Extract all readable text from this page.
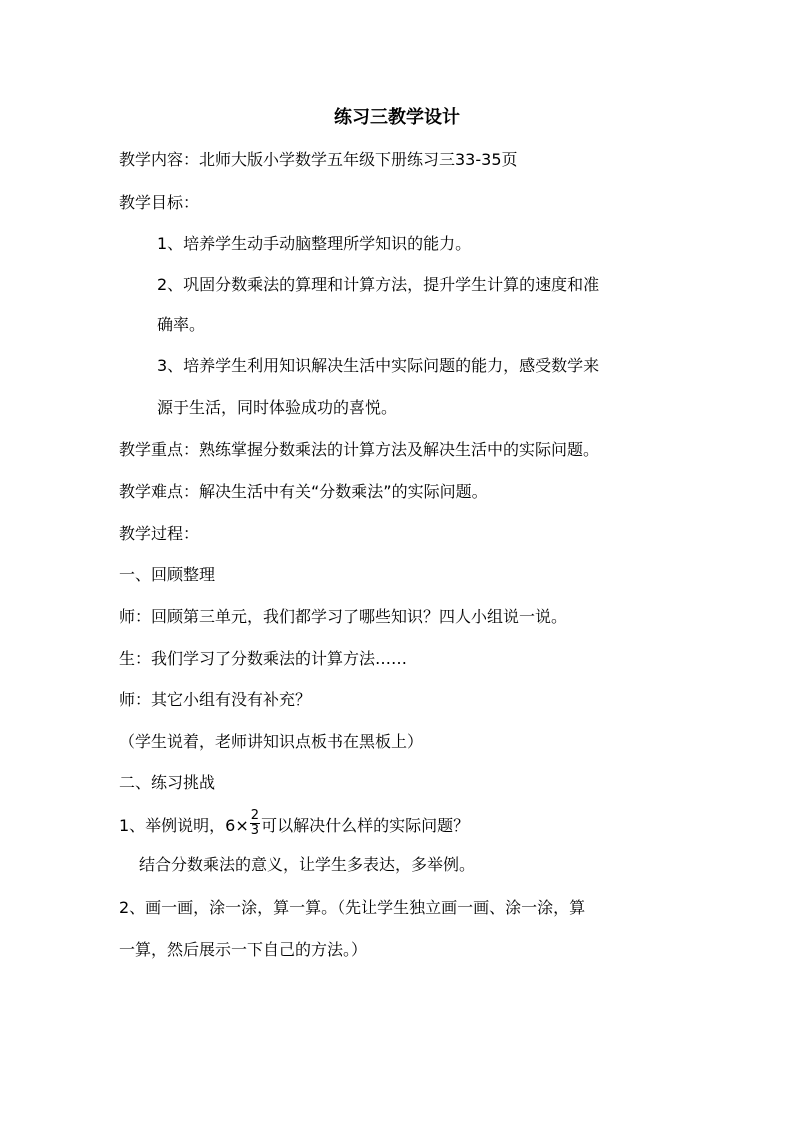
练习三教学设计
教学内容：北师大版小学数学五年级下册练习三33-35页
教学目标：
1、培养学生动手动脑整理所学知识的能力。
2、巩固分数乘法的算理和计算方法，提升学生计算的速度和准
确率。
3、培养学生利用知识解决生活中实际问题的能力，感受数学来
源于生活，同时体验成功的喜悦。
教学重点：熟练掌握分数乘法的计算方法及解决生活中的实际问题。
教学难点：解决生活中有关“分数乘法”的实际问题。
教学过程：
一、回顾整理
师：回顾第三单元，我们都学习了哪些知识？四人小组说一说。
生：我们学习了分数乘法的计算方法……
师：其它小组有没有补充？
（学生说着，老师讲知识点板书在黑板上）
二、练习挑战
1、举例说明，$6\times \frac{2}{3}$ 可以解决什么样的实际问题？
结合分数乘法的意义，让学生多表达，多举例。
2、画一画，涂一涂，算一算。（先让学生独立画一画、涂一涂，算
一算，然后展示一下自己的方法。）
